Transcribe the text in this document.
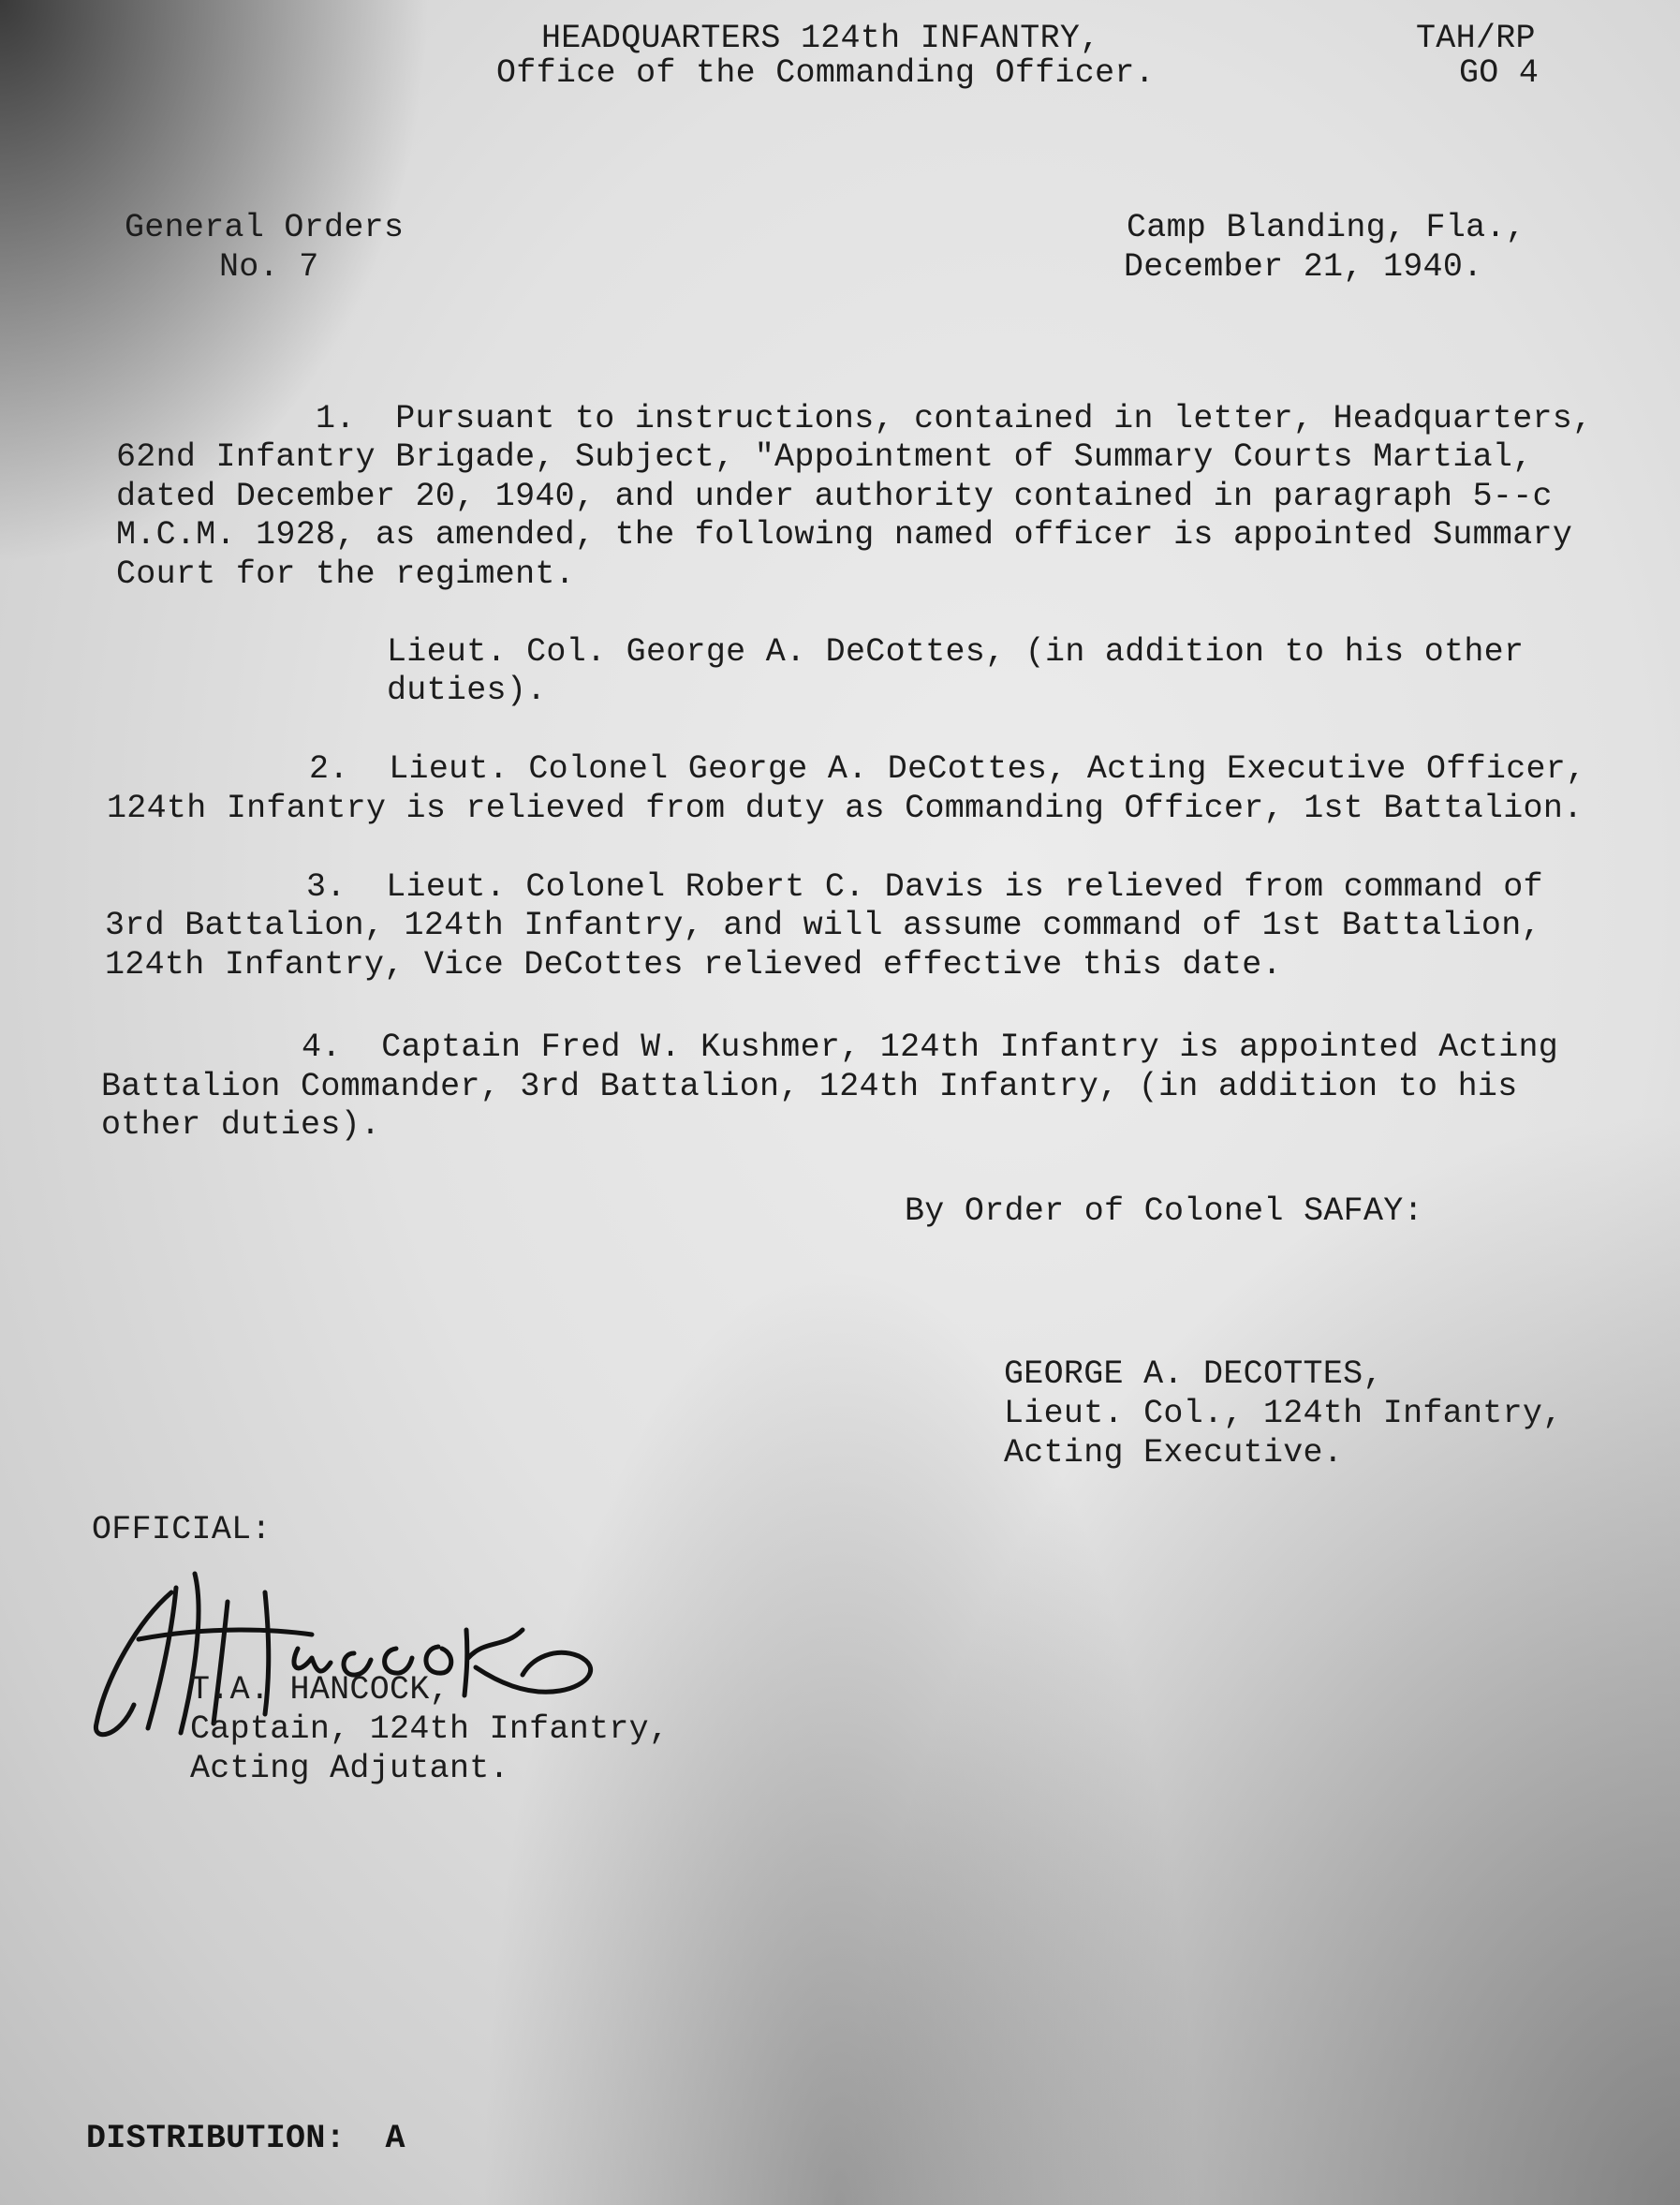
HEADQUARTERS 124th INFANTRY,
Office of the Commanding Officer.
TAH/RP
GO 4
General Orders
No. 7
Camp Blanding, Fla.,
December 21, 1940.
1.  Pursuant to instructions, contained in letter, Headquarters,
62nd Infantry Brigade, Subject, "Appointment of Summary Courts Martial,
dated December 20, 1940, and under authority contained in paragraph 5--c
M.C.M. 1928, as amended, the following named officer is appointed Summary
Court for the regiment.
Lieut. Col. George A. DeCottes, (in addition to his other
duties).
2.  Lieut. Colonel George A. DeCottes, Acting Executive Officer,
124th Infantry is relieved from duty as Commanding Officer, 1st Battalion.
3.  Lieut. Colonel Robert C. Davis is relieved from command of
3rd Battalion, 124th Infantry, and will assume command of 1st Battalion,
124th Infantry, Vice DeCottes relieved effective this date.
4.  Captain Fred W. Kushmer, 124th Infantry is appointed Acting
Battalion Commander, 3rd Battalion, 124th Infantry, (in addition to his
other duties).
By Order of Colonel SAFAY:
GEORGE A. DECOTTES,
Lieut. Col., 124th Infantry,
Acting Executive.
OFFICIAL:
T.A. HANCOCK,
Captain, 124th Infantry,
Acting Adjutant.
DISTRIBUTION:  A
